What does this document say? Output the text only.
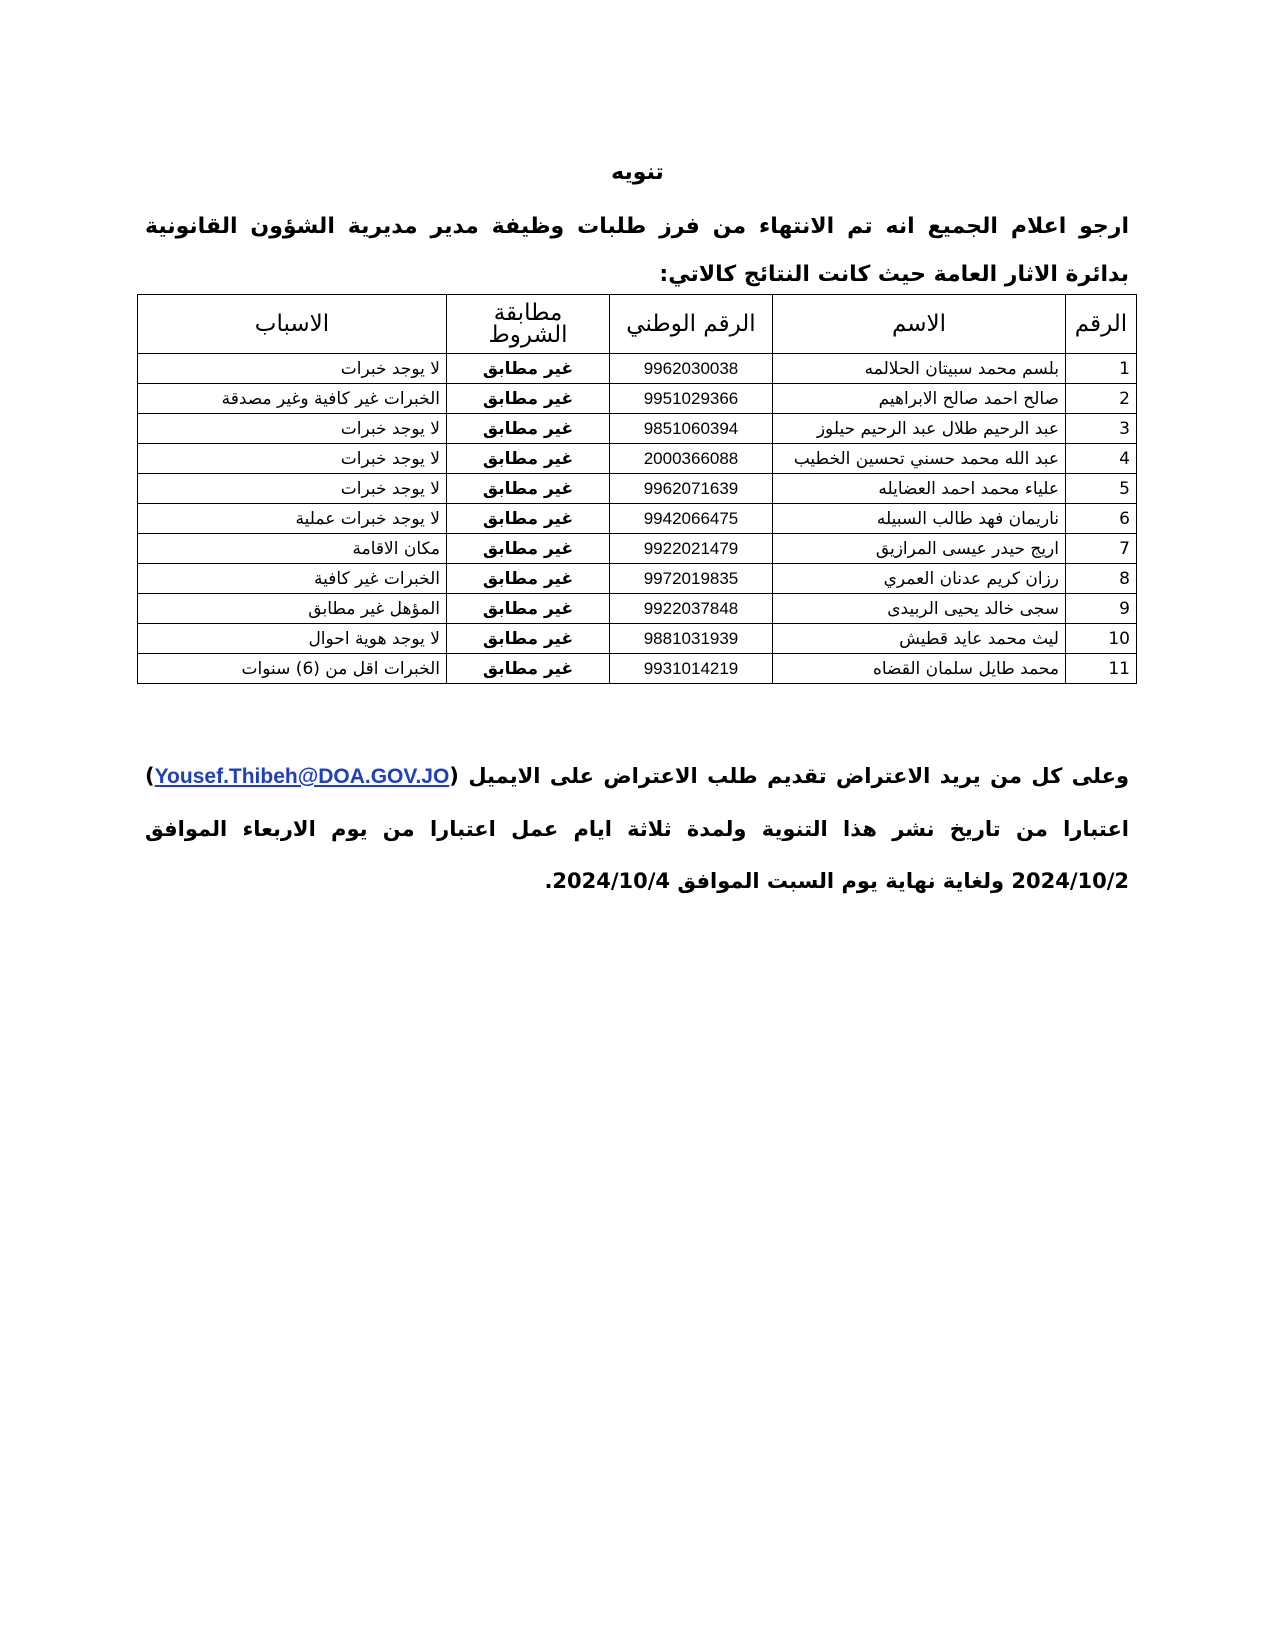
تنويه
ارجو اعلام الجميع انه تم الانتهاء من فرز طلبات وظيفة مدير مديرية الشؤون القانونية بدائرة الاثار العامة حيث كانت النتائج كالاتي:
الرقم	الاسم	الرقم الوطني	مطابقة الشروط	الاسباب
1	بلسم محمد سبيتان الحلالمه	9962030038	غير مطابق	لا يوجد خبرات
2	صالح احمد صالح الابراهيم	9951029366	غير مطابق	الخبرات غير كافية وغير مصدقة
3	عبد الرحيم طلال عبد الرحيم حيلوز	9851060394	غير مطابق	لا يوجد خبرات
4	عبد الله محمد حسني تحسين الخطيب	2000366088	غير مطابق	لا يوجد خبرات
5	علياء محمد احمد العضايله	9962071639	غير مطابق	لا يوجد خبرات
6	ناريمان فهد طالب السبيله	9942066475	غير مطابق	لا يوجد خبرات عملية
7	اريج حيدر عيسى المرازيق	9922021479	غير مطابق	مكان الاقامة
8	رزان كريم عدنان العمري	9972019835	غير مطابق	الخبرات غير كافية
9	سجى خالد يحيى الربيدى	9922037848	غير مطابق	المؤهل غير مطابق
10	ليث محمد عايد قطيش	9881031939	غير مطابق	لا يوجد هوية احوال
11	محمد طايل سلمان القضاه	9931014219	غير مطابق	الخبرات اقل من (6) سنوات
وعلى كل من يريد الاعتراض تقديم طلب الاعتراض على الايميل (Yousef.Thibeh@DOA.GOV.JO) اعتبارا من تاريخ نشر هذا التنوية ولمدة ثلاثة ايام عمل اعتبارا من يوم الاربعاء الموافق 2024/10/2 ولغاية نهاية يوم السبت الموافق 2024/10/4.
